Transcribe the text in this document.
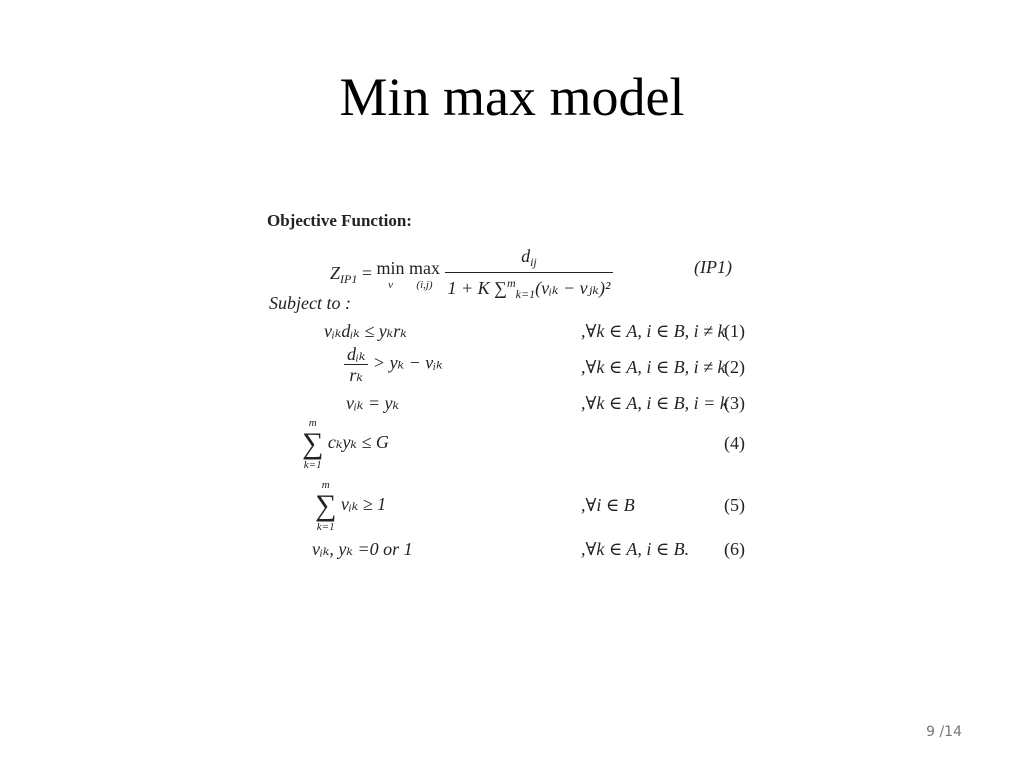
Min max model
Objective Function:
$Z_{IP1} = \min$
v

max
(i,j)
$\frac{d_{ij}}{1 + K \sum^m_{k=1}(vᵢ_k - vⱼ_k)^2}$	(IP1)
Subject to :
vᵢₖdᵢₖ ≤ yₖrₖ	,∀k ∈ A, i ∈ B, i ≠ k
(1)
$\frac{\text{dᵢₖ}}{\text{rₖ}} > y_k$ − vᵢₖ	,∀k ∈ A, i ∈ B, i ≠ k
(2)
vᵢₖ = yₖ	,∀k ∈ A, i ∈ B, i = k
(3)
m
∑
k=1
cₖyₖ ≤ G	(4)
m
∑
k=1
vᵢₖ ≥ 1	,∀i ∈ B	(5)
vᵢₖ, yₖ =0 or 1	,∀k ∈ A, i ∈ B. (6)
9 /14
